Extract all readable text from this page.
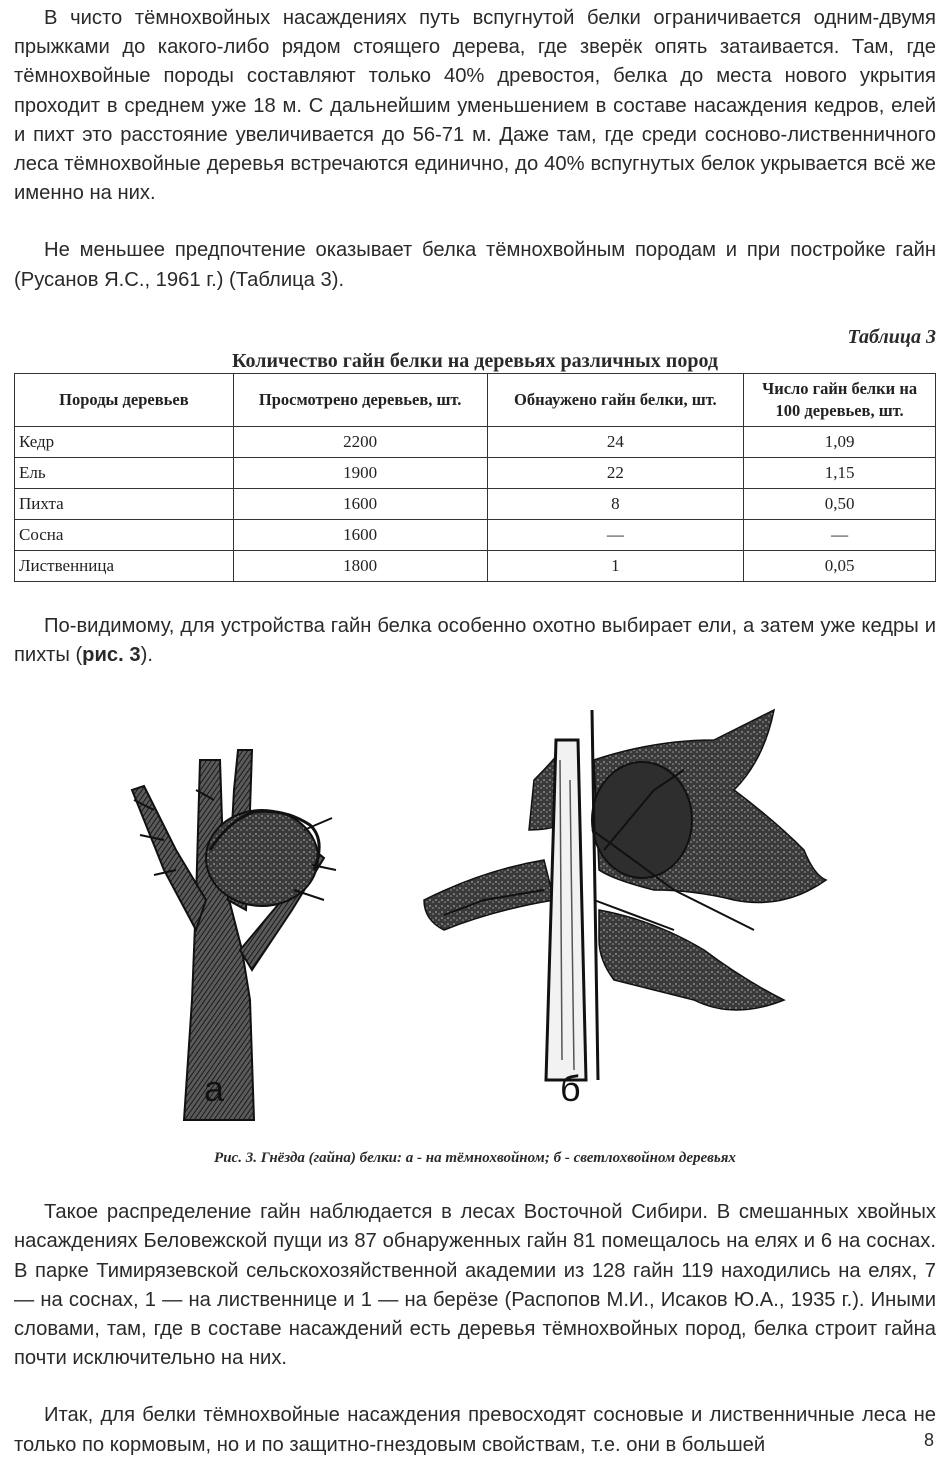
В чисто тёмнохвойных насаждениях путь вспугнутой белки ограничивается одним-двумя прыжками до какого-либо рядом стоящего дерева, где зверёк опять затаивается. Там, где тёмнохвойные породы составляют только 40% древостоя, белка до места нового укрытия проходит в среднем уже 18 м. С дальнейшим уменьшением в составе насаждения кедров, елей и пихт это расстояние увеличивается до 56-71 м. Даже там, где среди сосново-лиственничного леса тёмнохвойные деревья встречаются единично, до 40% вспугнутых белок укрывается всё же именно на них.

Не меньшее предпочтение оказывает белка тёмнохвойным породам и при постройке гайн (Русанов Я.С., 1961 г.) (Таблица 3).

Таблица 3
Количество гайн белки на деревьях различных пород
Породы деревьев	Просмотрено деревьев, шт.	Обнаужено гайн белки, шт.	Число гайн белки на 100 деревьев, шт.
Кедр	2200	24	1,09
Ель	1900	22	1,15
Пихта	1600	8	0,50
Сосна	1600	—	—
Лиственница	1800	1	0,05

По-видимому, для устройства гайн белка особенно охотно выбирает ели, а затем уже кедры и пихты (рис. 3).

а	б
Рис. 3. Гнёзда (гайна) белки: а - на тёмнохвойном; б - светлохвойном деревьях

Такое распределение гайн наблюдается в лесах Восточной Сибири. В смешанных хвойных насаждениях Беловежской пущи из 87 обнаруженных гайн 81 помещалось на елях и 6 на соснах. В парке Тимирязевской сельскохозяйственной академии из 128 гайн 119 находились на елях, 7 — на соснах, 1 — на лиственнице и 1 — на берёзе (Распопов М.И., Исаков Ю.А., 1935 г.). Иными словами, там, где в составе насаждений есть деревья тёмнохвойных пород, белка строит гайна почти исключительно на них.

Итак, для белки тёмнохвойные насаждения превосходят сосновые и лиственничные леса не только по кормовым, но и по защитно-гнездовым свойствам, т.е. они в большей	8
